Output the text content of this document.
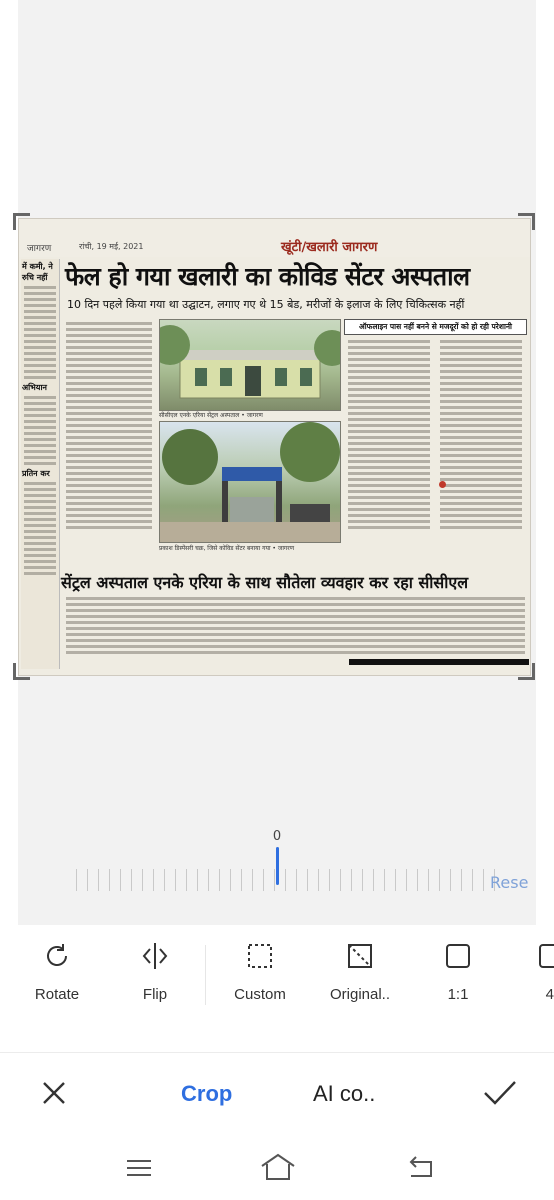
जागरण	रांची, 19 मई, 2021	खूंटी/खलारी जागरण
में कमी, ने रुचि नहीं
अभियान
प्रतिन कर
फेल हो गया खलारी का कोविड सेंटर अस्पताल
10 दिन पहले किया गया था उद्घाटन, लगाए गए थे 15 बेड, मरीजों के इलाज के लिए चिकित्सक नहीं
सीसीएल एनके एरिया सेंट्रल अस्पताल • जागरण
प्रकाश डिस्पेंसरी चक्र, जिसे कोविड सेंटर बनाया गया • जागरण
ऑफलाइन पास नहीं बनने से मजदूरों को हो रही परेशानी
सेंट्रल अस्पताल एनके एरिया के साथ सौतेला व्यवहार कर रहा सीसीएल
0
Rese
Rotate	Flip	Custom	Original..	1:1	4
Crop	AI co..
